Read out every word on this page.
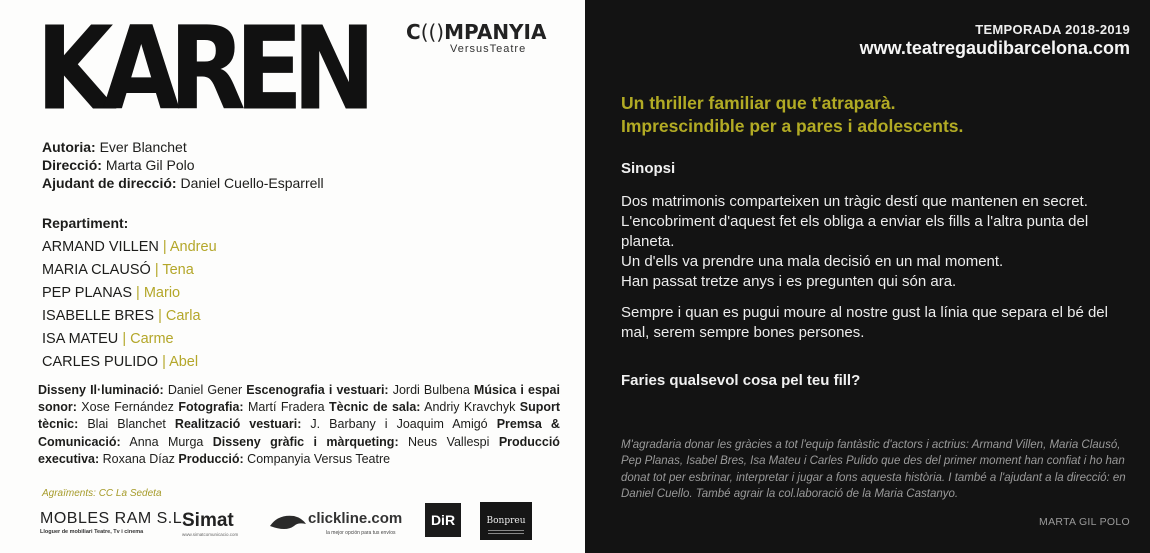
KAREN C(()MPANYIA
VersusTeatre
Autoria: Ever Blanchet
Direcció: Marta Gil Polo
Ajudant de direcció: Daniel Cuello-Esparrell
Repartiment:
ARMAND VILLEN | Andreu
MARIA CLAUSÓ | Tena
PEP PLANAS | Mario
ISABELLE BRES | Carla
ISA MATEU | Carme
CARLES PULIDO | Abel
Disseny Il·luminació: Daniel Gener Escenografia i vestuari: Jordi Bulbena Música i espai sonor: Xose Fernández Fotografia: Martí Fradera Tècnic de sala: Andriy Kravchyk Suport tècnic: Blai Blanchet Realització vestuari: J. Barbany i Joaquim Amigó Premsa & Comunicació: Anna Murga Disseny gràfic i màrqueting: Neus Vallespi Producció executiva: Roxana Díaz Producció: Companyia Versus Teatre
Agraïments: CC La Sedeta
MOBLES RAM S.L.
Lloguer de mobiliari Teatre, Tv i cinema
Simat
www.simatcomunicacio.com
clickline.com
la mejor opción para tus envíos
DiR	Bonpreu
TEMPORADA 2018-2019
www.teatregaudibarcelona.com
Un thriller familiar que t'atraparà.
Imprescindible per a pares i adolescents.
Sinopsi

Dos matrimonis comparteixen un tràgic destí que mantenen en secret.
L'encobriment d'aquest fet els obliga a enviar els fills a l'altra punta del planeta.
Un d'ells va prendre una mala decisió en un mal moment.
Han passat tretze anys i es pregunten qui són ara.

Sempre i quan es pugui moure al nostre gust la línia que separa el bé del mal, serem sempre bones persones.

Faries qualsevol cosa pel teu fill?
M'agradaria donar les gràcies a tot l'equip fantàstic d'actors i actrius: Armand Villen, Maria Clausó, Pep Planas, Isabel Bres, Isa Mateu i Carles Pulido que des del primer moment han confiat i ho han donat tot per esbrinar, interpretar i jugar a fons aquesta història. I també a l'ajudant a la direcció: en Daniel Cuello. També agrair la col.laboració de la Maria Castanyo.
MARTA GIL POLO
